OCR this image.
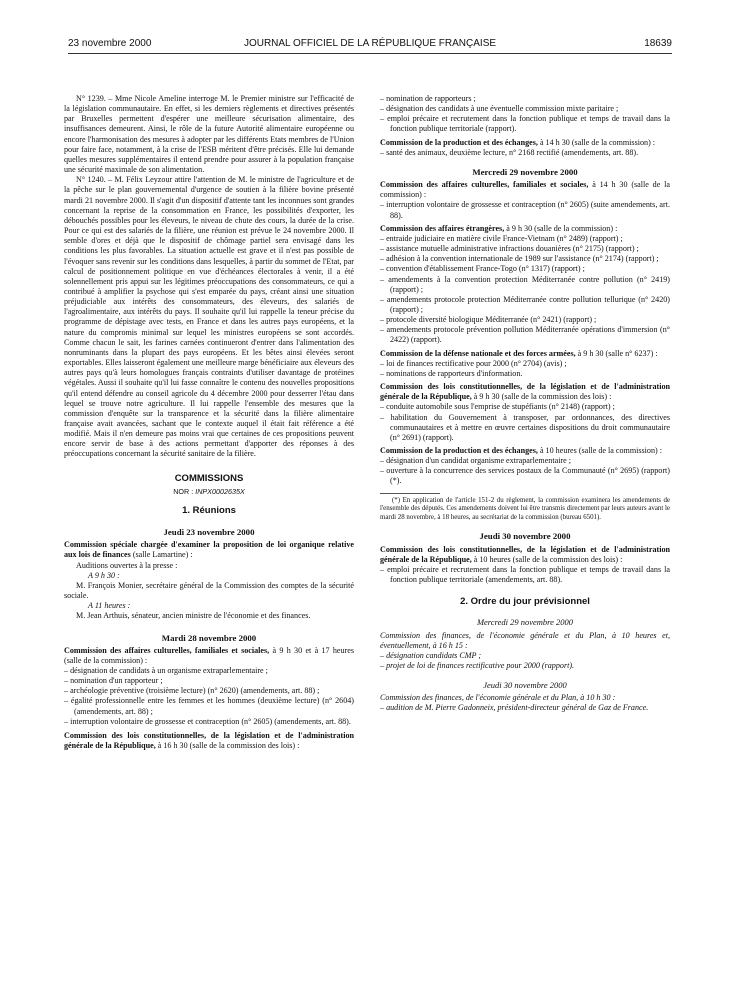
23 novembre 2000	JOURNAL OFFICIEL DE LA RÉPUBLIQUE FRANÇAISE	18639

N° 1239. – Mme Nicole Ameline interroge M. le Premier ministre sur l'efficacité de la législation communautaire. En effet, si les derniers règlements et directives présentés par Bruxelles permettent d'espérer une meilleure sécurisation alimentaire, des insuffisances demeurent. Ainsi, le rôle de la future Autorité alimentaire européenne ou encore l'harmonisation des mesures à adopter par les différents Etats membres de l'Union pour faire face, notamment, à la crise de l'ESB méritent d'être précisés. Elle lui demande quelles mesures supplémentaires il entend prendre pour assurer à la population française une sécurité maximale de son alimentation.

N° 1240. – M. Félix Leyzour attire l'attention de M. le ministre de l'agriculture et de la pêche sur le plan gouvernemental d'urgence de soutien à la filière bovine présenté mardi 21 novembre 2000. Il s'agit d'un dispositif d'attente tant les inconnues sont grandes concernant la reprise de la consommation en France, les possibilités d'exporter, les débouchés possibles pour les éleveurs, le niveau de chute des cours, la durée de la crise. Pour ce qui est des salariés de la filière, une réunion est prévue le 24 novembre 2000. Il semble d'ores et déjà que le dispositif de chômage partiel sera envisagé dans les conditions les plus favorables. La situation actuelle est grave et il n'est pas possible de l'évoquer sans revenir sur les conditions dans lesquelles, à partir du sommet de l'Etat, par calcul de positionnement politique en vue d'échéances électorales à venir, il a été solennellement pris appui sur les légitimes préoccupations des consommateurs, ce qui a contribué à amplifier la psychose qui s'est emparée du pays, créant ainsi une situation préjudiciable aux intérêts des consommateurs, des éleveurs, des salariés de l'agroalimentaire, aux intérêts du pays. Il souhaite qu'il lui rappelle la teneur précise du programme de dépistage avec tests, en France et dans les autres pays européens, et la nature du compromis minimal sur lequel les ministres européens se sont accordés. Comme chacun le sait, les farines carnées continueront d'entrer dans l'alimentation des nonruminants dans la plupart des pays européens. Et les bêtes ainsi élevées seront exportables. Elles laisseront également une meilleure marge bénéficiaire aux éleveurs des autres pays qu'à leurs homologues français contraints d'utiliser davantage de protéines végétales. Aussi il souhaite qu'il lui fasse connaître le contenu des nouvelles propositions qu'il entend défendre au conseil agricole du 4 décembre 2000 pour desserrer l'étau dans lequel se trouve notre agriculture. Il lui rappelle l'ensemble des mesures que la commission d'enquête sur la transparence et la sécurité dans la filière alimentaire française avait avancées, sachant que le contexte auquel il était fait référence a été modifié. Mais il n'en demeure pas moins vrai que certaines de ces propositions peuvent encore servir de base à des actions permettant d'apporter des réponses à des préoccupations concernant la sécurité sanitaire de la filière.

COMMISSIONS

NOR : INPX0002635X

1. Réunions

Jeudi 23 novembre 2000

Commission spéciale chargée d'examiner la proposition de loi organique relative aux lois de finances (salle Lamartine) :

Auditions ouvertes à la presse :

A 9 h 30 :

M. François Monier, secrétaire général de la Commission des comptes de la sécurité sociale.

A 11 heures :

M. Jean Arthuis, sénateur, ancien ministre de l'économie et des finances.

Mardi 28 novembre 2000

Commission des affaires culturelles, familiales et sociales, à 9 h 30 et à 17 heures (salle de la commission) :

– désignation de candidats à un organisme extraparlementaire ;
– nomination d'un rapporteur ;
– archéologie préventive (troisième lecture) (n° 2620) (amendements, art. 88) ;
– égalité professionnelle entre les femmes et les hommes (deuxième lecture) (n° 2604) (amendements, art. 88) ;
– interruption volontaire de grossesse et contraception (n° 2605) (amendements, art. 88).

Commission des lois constitutionnelles, de la législation et de l'administration générale de la République, à 16 h 30 (salle de la commission des lois) :

– nomination de rapporteurs ;
– désignation des candidats à une éventuelle commission mixte paritaire ;
– emploi précaire et recrutement dans la fonction publique et temps de travail dans la fonction publique territoriale (rapport).

Commission de la production et des échanges, à 14 h 30 (salle de la commission) :

– santé des animaux, deuxième lecture, n° 2168 rectifié (amendements, art. 88).

Mercredi 29 novembre 2000

Commission des affaires culturelles, familiales et sociales, à 14 h 30 (salle de la commission) :

– interruption volontaire de grossesse et contraception (n° 2605) (suite amendements, art. 88).

Commission des affaires étrangères, à 9 h 30 (salle de la commission) :

– entraide judiciaire en matière civile France-Vietnam (n° 2489) (rapport) ;
– assistance mutuelle administrative infractions douanières (n° 2175) (rapport) ;
– adhésion à la convention internationale de 1989 sur l'assistance (n° 2174) (rapport) ;
– convention d'établissement France-Togo (n° 1317) (rapport) ;
– amendements à la convention protection Méditerranée contre pollution (n° 2419) (rapport) ;
– amendements protocole protection Méditerranée contre pollution tellurique (n° 2420) (rapport) ;
– protocole diversité biologique Méditerranée (n° 2421) (rapport) ;
– amendements protocole prévention pollution Méditerranée opérations d'immersion (n° 2422) (rapport).

Commission de la défense nationale et des forces armées, à 9 h 30 (salle n° 6237) :

– loi de finances rectificative pour 2000 (n° 2704) (avis) ;
– nominations de rapporteurs d'information.

Commission des lois constitutionnelles, de la législation et de l'administration générale de la République, à 9 h 30 (salle de la commission des lois) :

– conduite automobile sous l'emprise de stupéfiants (n° 2148) (rapport) ;
– habilitation du Gouvernement à transposer, par ordonnances, des directives communautaires et à mettre en œuvre certaines dispositions du droit communautaire (n° 2691) (rapport).

Commission de la production et des échanges, à 10 heures (salle de la commission) :

– désignation d'un candidat organisme extraparlementaire ;
– ouverture à la concurrence des services postaux de la Communauté (n° 2695) (rapport) (*).

(*) En application de l'article 151-2 du règlement, la commission examinera les amendements de l'ensemble des députés. Ces amendements doivent lui être transmis directement par leurs auteurs avant le mardi 28 novembre, à 18 heures, au secrétariat de la commission (bureau 6501).

Jeudi 30 novembre 2000

Commission des lois constitutionnelles, de la législation et de l'administration générale de la République, à 10 heures (salle de la commission des lois) :

– emploi précaire et recrutement dans la fonction publique et temps de travail dans la fonction publique territoriale (amendements, art. 88).

2. Ordre du jour prévisionnel

Mercredi 29 novembre 2000

Commission des finances, de l'économie générale et du Plan, à 10 heures et, éventuellement, à 16 h 15 :

– désignation candidats CMP ;
– projet de loi de finances rectificative pour 2000 (rapport).

Jeudi 30 novembre 2000

Commission des finances, de l'économie générale et du Plan, à 10 h 30 :

– audition de M. Pierre Gadonneix, président-directeur général de Gaz de France.
